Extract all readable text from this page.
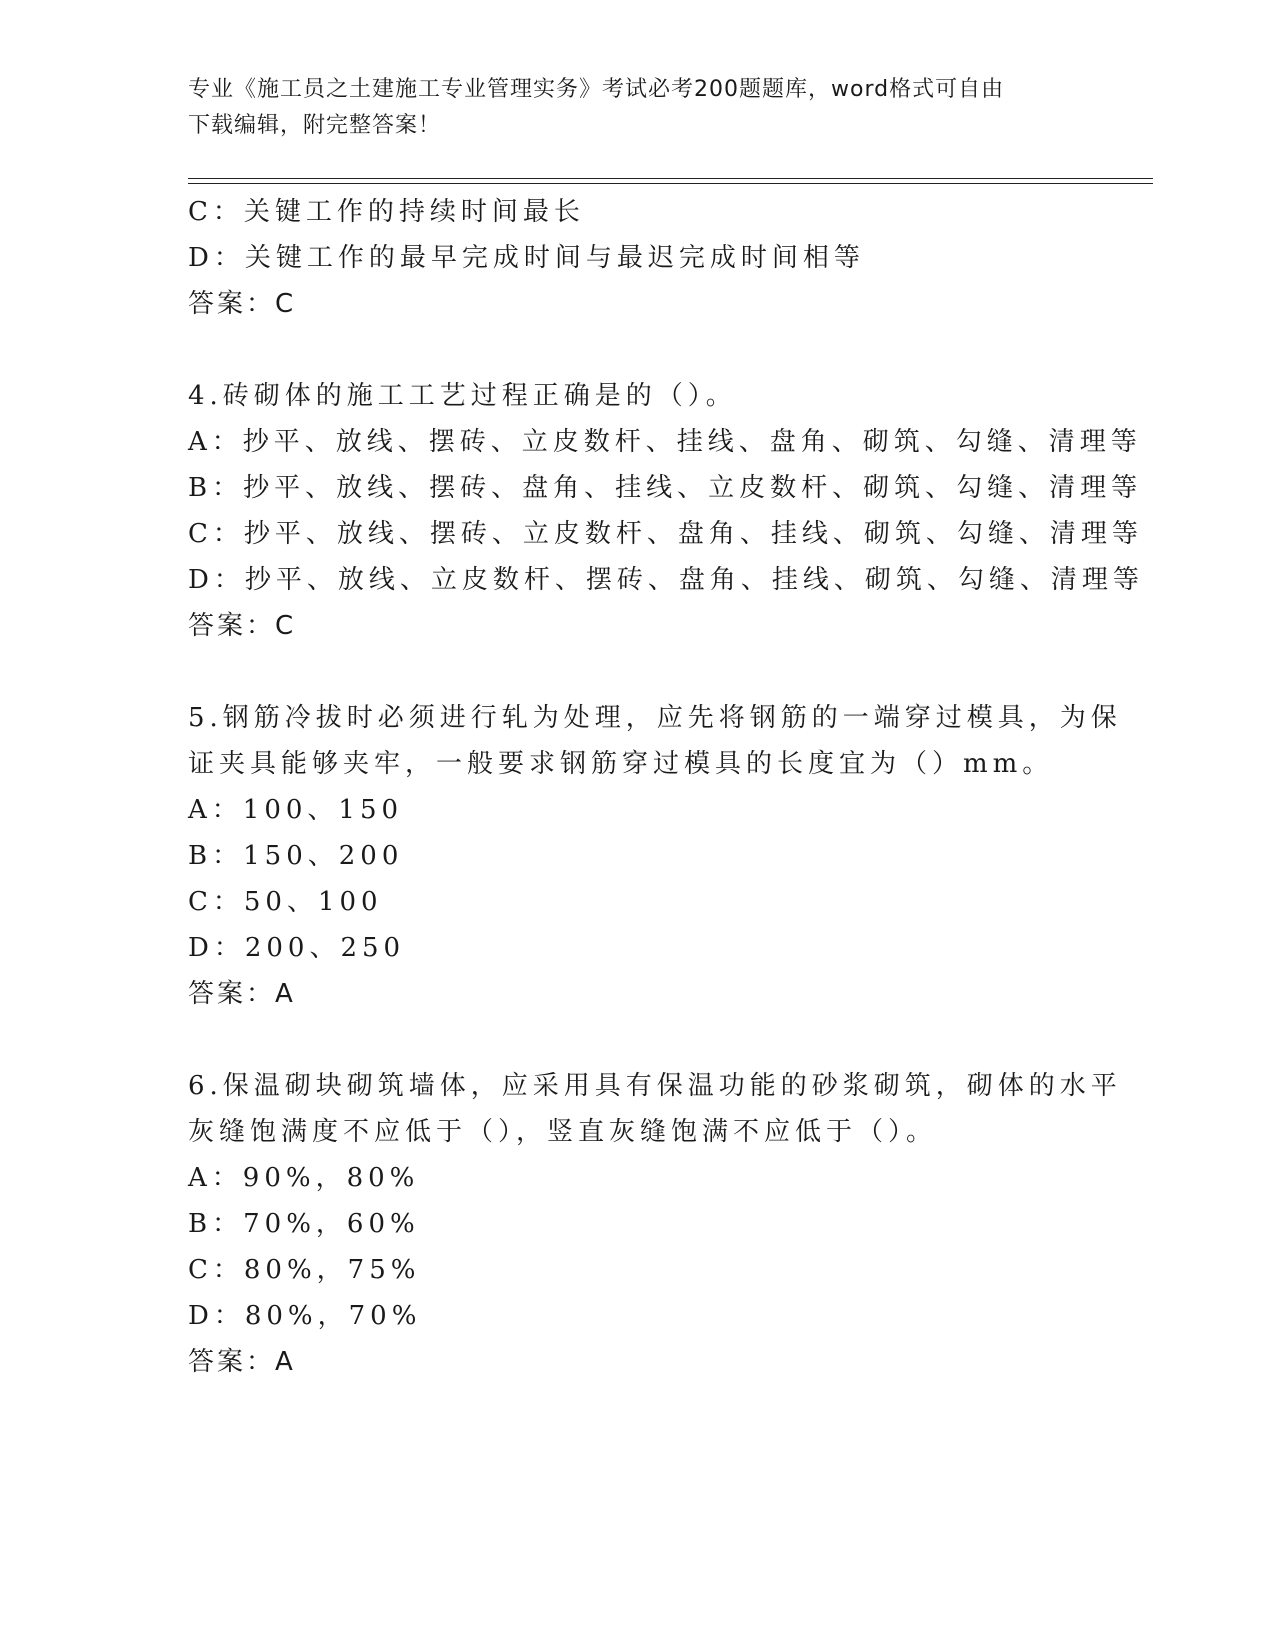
专业《施工员之土建施工专业管理实务》考试必考200题题库，word格式可自由
下载编辑，附完整答案！
C：关键工作的持续时间最长
D：关键工作的最早完成时间与最迟完成时间相等
答案：C
4.砖砌体的施工工艺过程正确是的（）。
A：抄平、放线、摆砖、立皮数杆、挂线、盘角、砌筑、勾缝、清理等
B：抄平、放线、摆砖、盘角、挂线、立皮数杆、砌筑、勾缝、清理等
C：抄平、放线、摆砖、立皮数杆、盘角、挂线、砌筑、勾缝、清理等
D：抄平、放线、立皮数杆、摆砖、盘角、挂线、砌筑、勾缝、清理等
答案：C
5.钢筋冷拔时必须进行轧为处理，应先将钢筋的一端穿过模具，为保
证夹具能够夹牢，一般要求钢筋穿过模具的长度宜为（）mm。
A：100、150
B：150、200
C：50、100
D：200、250
答案：A
6.保温砌块砌筑墙体，应采用具有保温功能的砂浆砌筑，砌体的水平
灰缝饱满度不应低于（），竖直灰缝饱满不应低于（）。
A：90%，80%
B：70%，60%
C：80%，75%
D：80%，70%
答案：A
